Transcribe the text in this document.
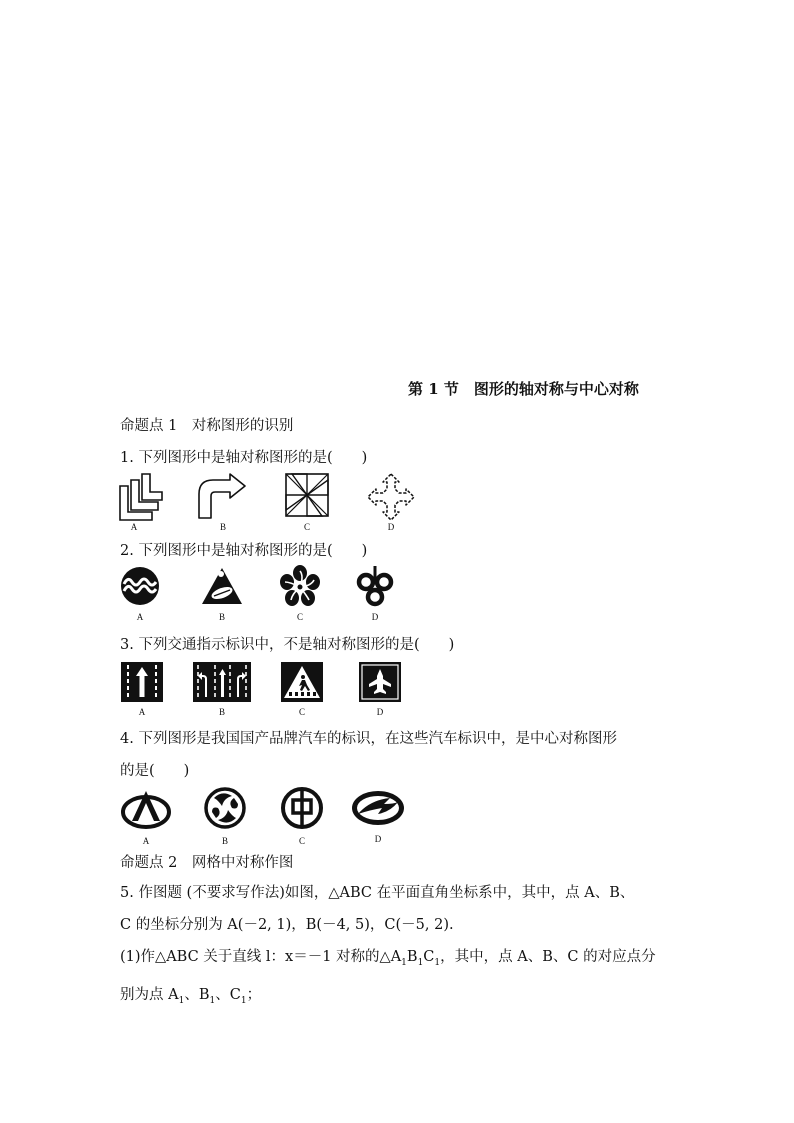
第 1 节　图形的轴对称与中心对称
命题点 1　对称图形的识别
1. 下列图形中是轴对称图形的是(　　)
A	B	C	D
2. 下列图形中是轴对称图形的是(　　)
A	B	C	D
3. 下列交通指示标识中，不是轴对称图形的是(　　)
A	B	C	D
4. 下列图形是我国国产品牌汽车的标识，在这些汽车标识中，是中心对称图形
的是(　　)
A	B	C	D
命题点 2　网格中对称作图
5. 作图题 (不要求写作法)如图，△ABC 在平面直角坐标系中，其中，点 A、B、
C 的坐标分别为 A(－2, 1)，B(－4, 5)，C(－5, 2).
(1)作△ABC 关于直线 l：x＝－1 对称的$\triangle A_1B_1C_1$，其中，点 A、B、C 的对应点分
别为点 $A_1$、$B_1$、$C_1$；
